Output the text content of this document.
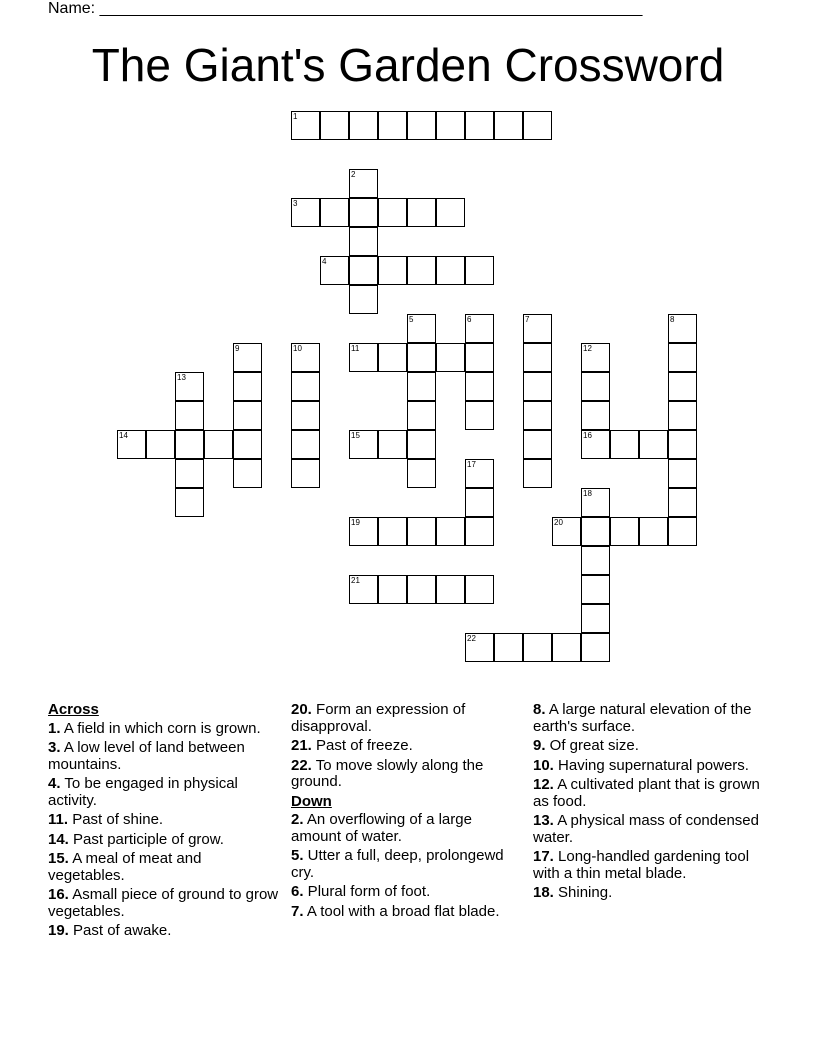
Name: _____________________________________________________________
The Giant's Garden Crossword
1
2
3
4
5	6	7	8
9	10	11	12
13
14	15	16
17
18
19	20
21
22
Across
1. A field in which corn is grown.
3. A low level of land between mountains.
4. To be engaged in physical activity.
11. Past of shine.
14. Past participle of grow.
15. A meal of meat and vegetables.
16. Asmall piece of ground to grow vegetables.
19. Past of awake.
20. Form an expression of disapproval.
21. Past of freeze.
22. To move slowly along the ground.
Down
2. An overflowing of a large amount of water.
5. Utter a full, deep, prolongewd cry.
6. Plural form of foot.
7. A tool with a broad flat blade.
8. A large natural elevation of the earth's surface.
9. Of great size.
10. Having supernatural powers.
12. A cultivated plant that is grown as food.
13. A physical mass of condensed water.
17. Long-handled gardening tool with a thin metal blade.
18. Shining.
